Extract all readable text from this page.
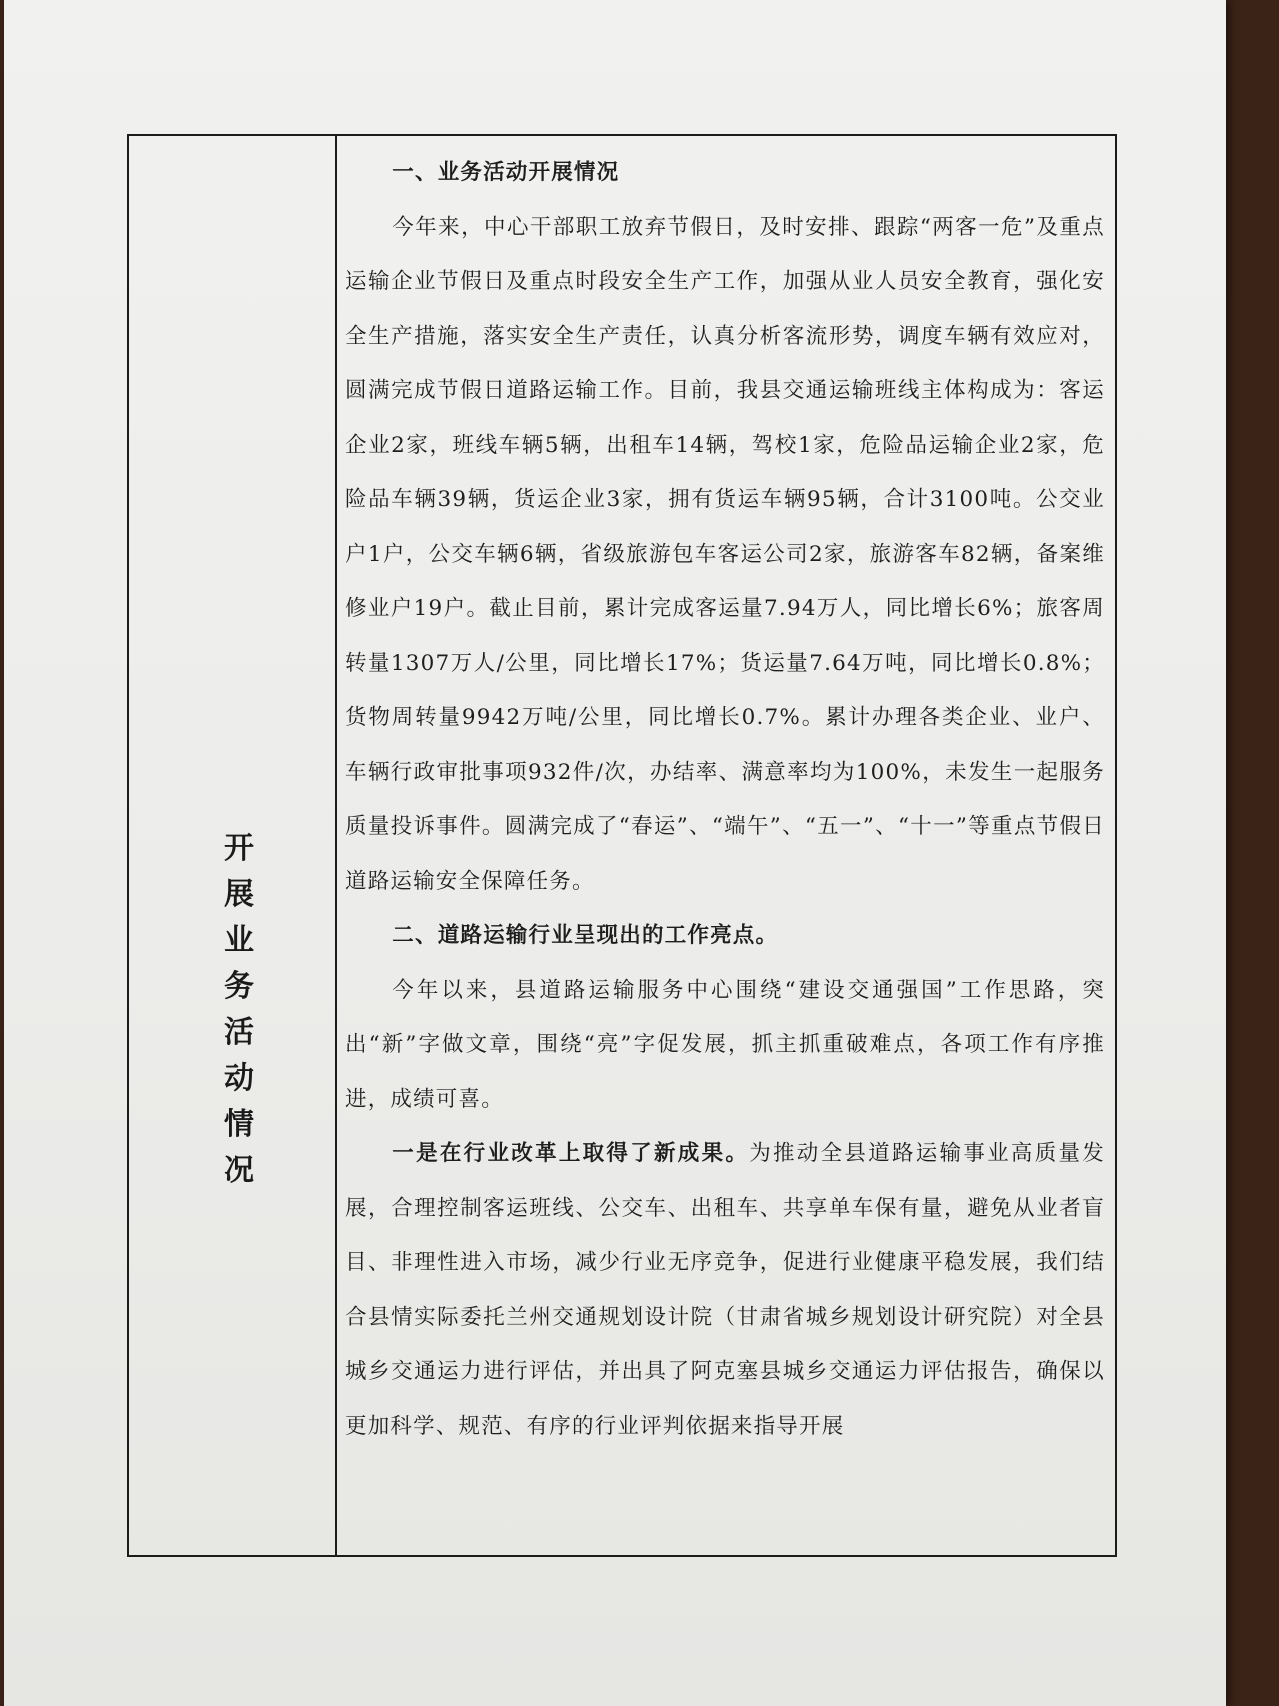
开
展
业
务
活
动
情
况

一、业务活动开展情况

今年来，中心干部职工放弃节假日，及时安排、跟踪“两客一危”及重点运输企业节假日及重点时段安全生产工作，加强从业人员安全教育，强化安全生产措施，落实安全生产责任，认真分析客流形势，调度车辆有效应对，圆满完成节假日道路运输工作。目前，我县交通运输班线主体构成为：客运企业2家，班线车辆5辆，出租车14辆，驾校1家，危险品运输企业2家，危险品车辆39辆，货运企业3家，拥有货运车辆95辆，合计3100吨。公交业户1户，公交车辆6辆，省级旅游包车客运公司2家，旅游客车82辆，备案维修业户19户。截止目前，累计完成客运量7.94万人，同比增长6%；旅客周转量1307万人/公里，同比增长17%；货运量7.64万吨，同比增长0.8%；货物周转量9942万吨/公里，同比增长0.7%。累计办理各类企业、业户、车辆行政审批事项932件/次，办结率、满意率均为100%，未发生一起服务质量投诉事件。圆满完成了“春运”、“端午”、“五一”、“十一”等重点节假日道路运输安全保障任务。

二、道路运输行业呈现出的工作亮点。

今年以来，县道路运输服务中心围绕“建设交通强国”工作思路，突出“新”字做文章，围绕“亮”字促发展，抓主抓重破难点，各项工作有序推进，成绩可喜。

一是在行业改革上取得了新成果。为推动全县道路运输事业高质量发展，合理控制客运班线、公交车、出租车、共享单车保有量，避免从业者盲目、非理性进入市场，减少行业无序竞争，促进行业健康平稳发展，我们结合县情实际委托兰州交通规划设计院（甘肃省城乡规划设计研究院）对全县城乡交通运力进行评估，并出具了阿克塞县城乡交通运力评估报告，确保以更加科学、规范、有序的行业评判依据来指导开展
